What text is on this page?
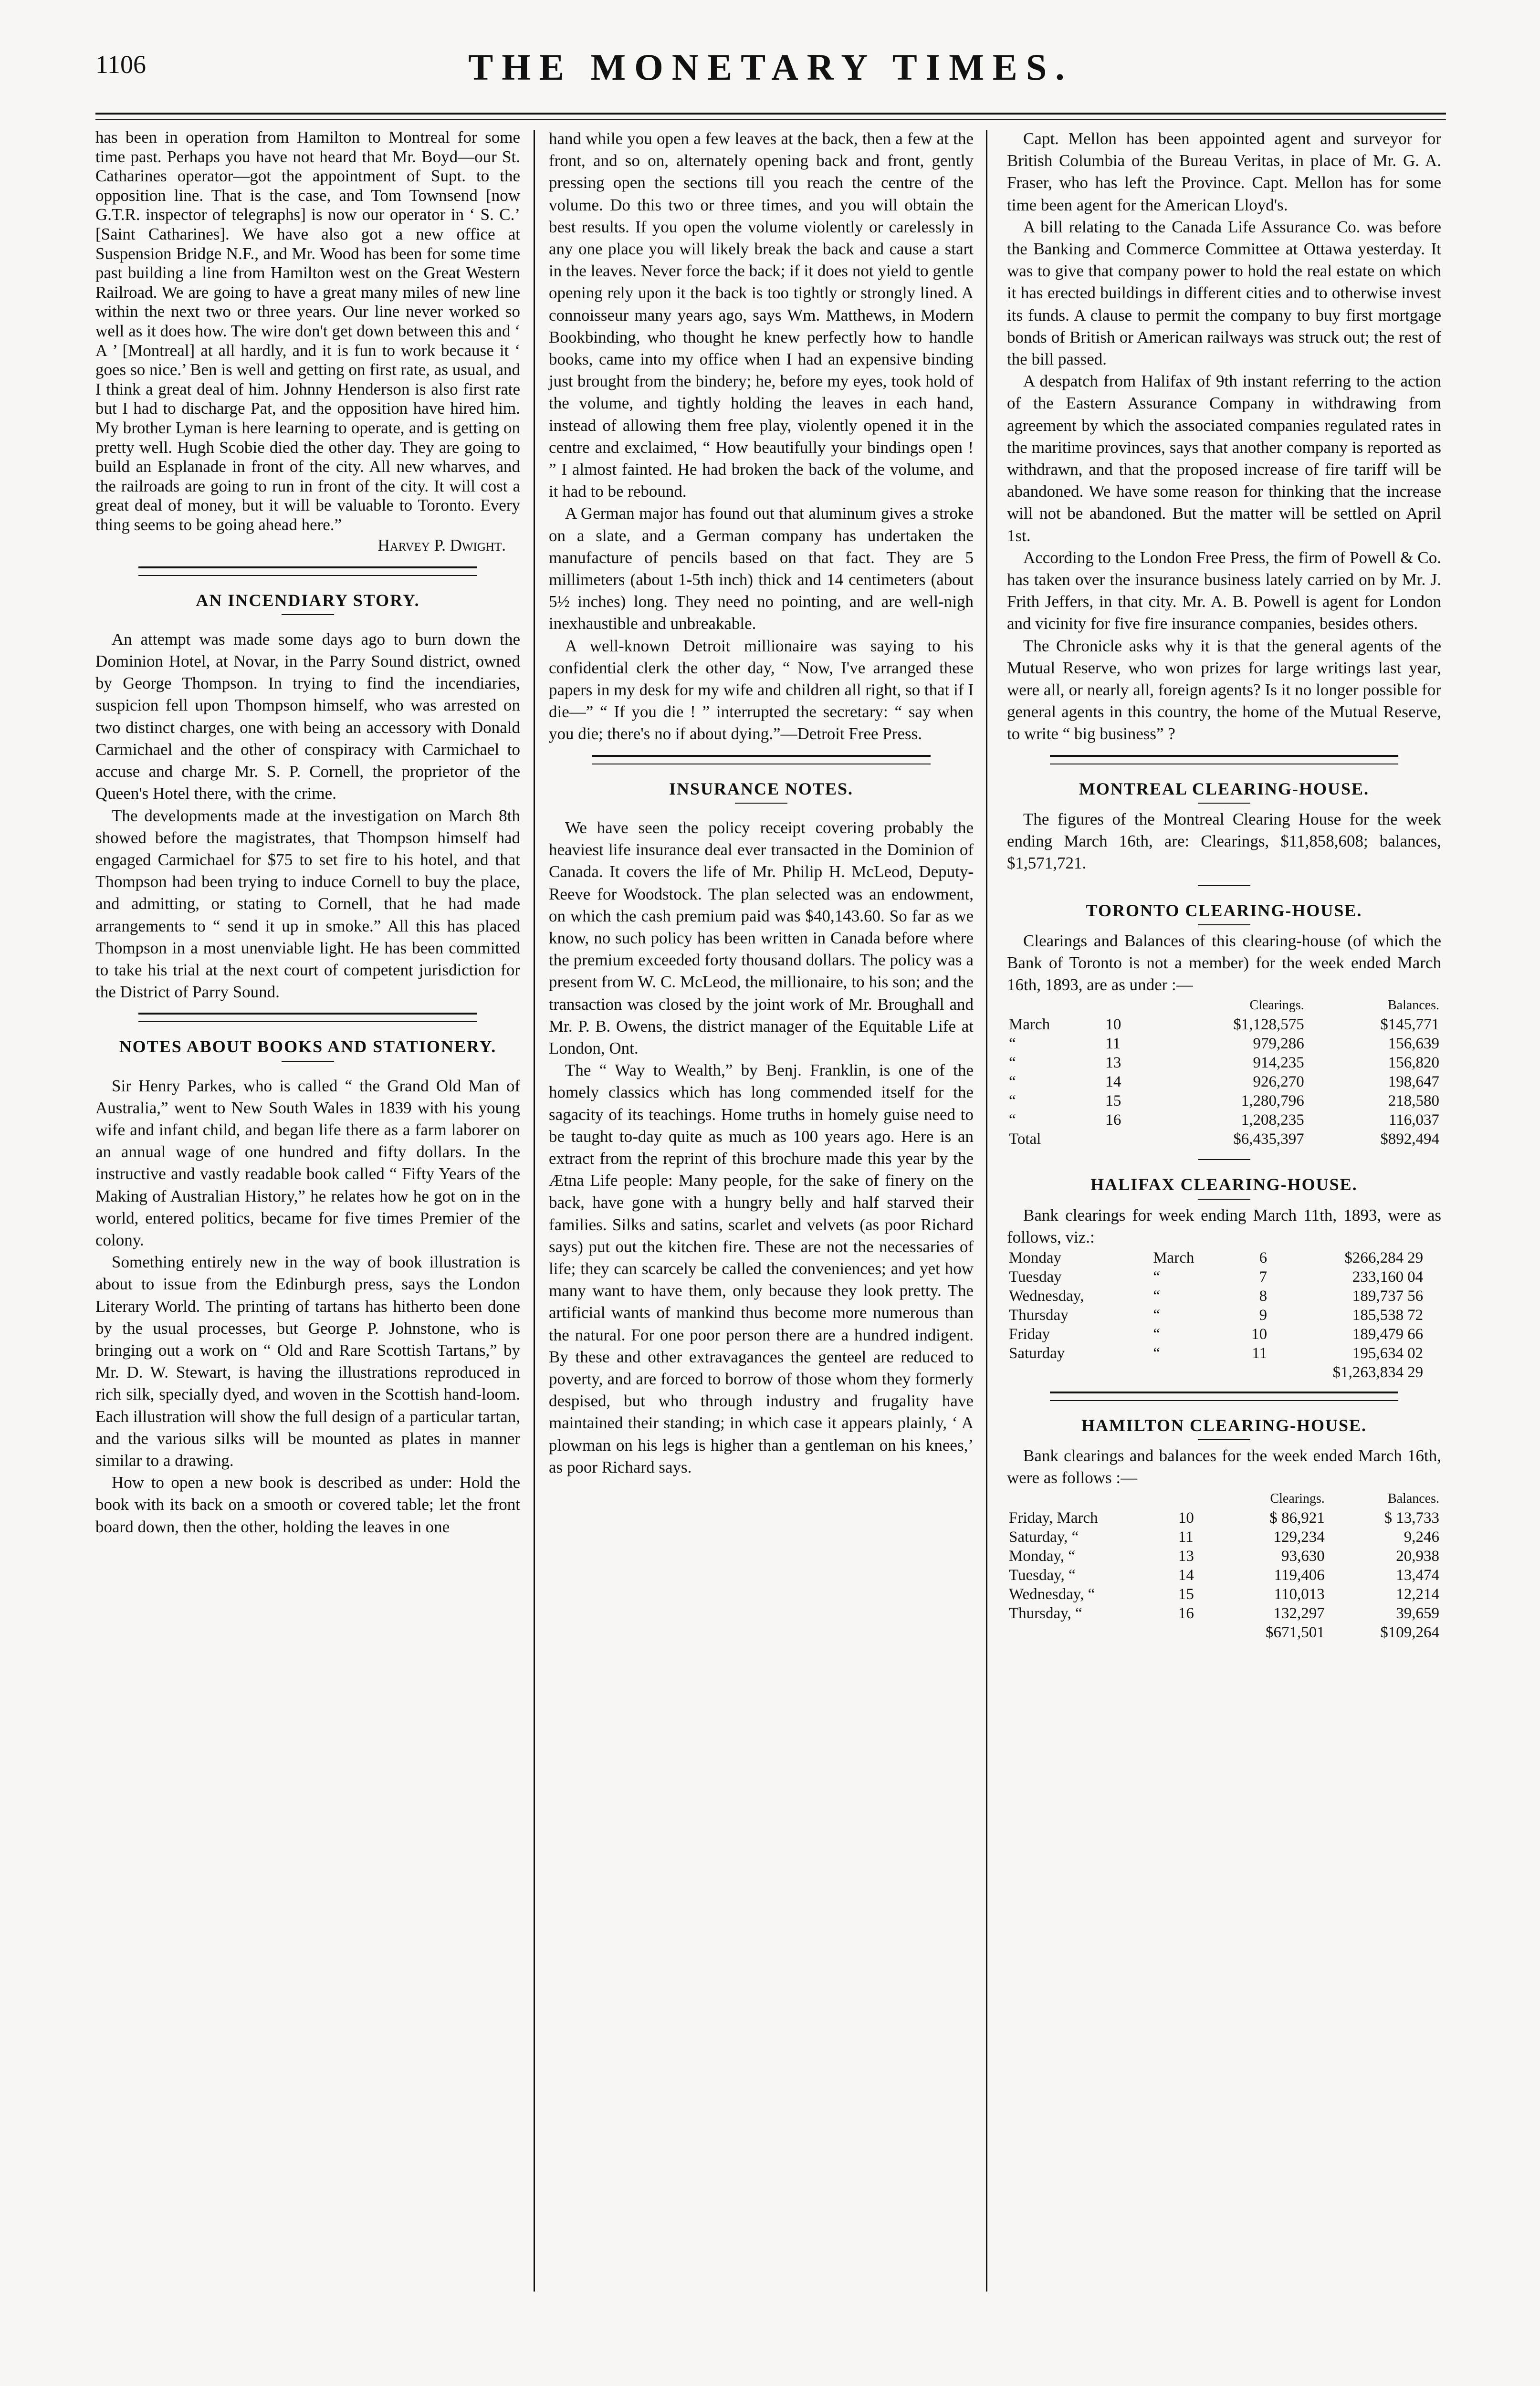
1106	THE MONETARY TIMES.

has been in operation from Hamilton to Montreal for some time past. Perhaps you have not heard that Mr. Boyd—our St. Catharines operator—got the appointment of Supt. to the opposition line. That is the case, and Tom Townsend [now G.T.R. inspector of telegraphs] is now our operator in ‘ S. C.’ [Saint Catharines]. We have also got a new office at Suspension Bridge N.F., and Mr. Wood has been for some time past building a line from Hamilton west on the Great Western Railroad. We are going to have a great many miles of new line within the next two or three years. Our line never worked so well as it does how. The wire don't get down between this and ‘ A ’ [Montreal] at all hardly, and it is fun to work because it ‘ goes so nice.’ Ben is well and getting on first rate, as usual, and I think a great deal of him. Johnny Henderson is also first rate but I had to discharge Pat, and the opposition have hired him. My brother Lyman is here learning to operate, and is getting on pretty well. Hugh Scobie died the other day. They are going to build an Esplanade in front of the city. All new wharves, and the railroads are going to run in front of the city. It will cost a great deal of money, but it will be valuable to Toronto. Every thing seems to be going ahead here.”

Harvey P. Dwight.
AN INCENDIARY STORY.

An attempt was made some days ago to burn down the Dominion Hotel, at Novar, in the Parry Sound district, owned by George Thompson. In trying to find the incendiaries, suspicion fell upon Thompson himself, who was arrested on two distinct charges, one with being an accessory with Donald Carmichael and the other of conspiracy with Carmichael to accuse and charge Mr. S. P. Cornell, the proprietor of the Queen's Hotel there, with the crime.

The developments made at the investigation on March 8th showed before the magistrates, that Thompson himself had engaged Carmichael for $75 to set fire to his hotel, and that Thompson had been trying to induce Cornell to buy the place, and admitting, or stating to Cornell, that he had made arrangements to “ send it up in smoke.” All this has placed Thompson in a most unenviable light. He has been committed to take his trial at the next court of competent jurisdiction for the District of Parry Sound.

NOTES ABOUT BOOKS AND STATIONERY.

Sir Henry Parkes, who is called “ the Grand Old Man of Australia,” went to New South Wales in 1839 with his young wife and infant child, and began life there as a farm laborer on an annual wage of one hundred and fifty dollars. In the instructive and vastly readable book called “ Fifty Years of the Making of Australian History,” he relates how he got on in the world, entered politics, became for five times Premier of the colony.

Something entirely new in the way of book illustration is about to issue from the Edinburgh press, says the London Literary World. The printing of tartans has hitherto been done by the usual processes, but George P. Johnstone, who is bringing out a work on “ Old and Rare Scottish Tartans,” by Mr. D. W. Stewart, is having the illustrations reproduced in rich silk, specially dyed, and woven in the Scottish hand-loom. Each illustration will show the full design of a particular tartan, and the various silks will be mounted as plates in manner similar to a drawing.

How to open a new book is described as under: Hold the book with its back on a smooth or covered table; let the front board down, then the other, holding the leaves in one

hand while you open a few leaves at the back, then a few at the front, and so on, alternately opening back and front, gently pressing open the sections till you reach the centre of the volume. Do this two or three times, and you will obtain the best results. If you open the volume violently or carelessly in any one place you will likely break the back and cause a start in the leaves. Never force the back; if it does not yield to gentle opening rely upon it the back is too tightly or strongly lined. A connoisseur many years ago, says Wm. Matthews, in Modern Bookbinding, who thought he knew perfectly how to handle books, came into my office when I had an expensive binding just brought from the bindery; he, before my eyes, took hold of the volume, and tightly holding the leaves in each hand, instead of allowing them free play, violently opened it in the centre and exclaimed, “ How beautifully your bindings open ! ” I almost fainted. He had broken the back of the volume, and it had to be rebound.

A German major has found out that aluminum gives a stroke on a slate, and a German company has undertaken the manufacture of pencils based on that fact. They are 5 millimeters (about 1-5th inch) thick and 14 centimeters (about 5½ inches) long. They need no pointing, and are well-nigh inexhaustible and unbreakable.

A well-known Detroit millionaire was saying to his confidential clerk the other day, “ Now, I've arranged these papers in my desk for my wife and children all right, so that if I die—” “ If you die ! ” interrupted the secretary: “ say when you die; there's no if about dying.”—Detroit Free Press.

INSURANCE NOTES.

We have seen the policy receipt covering probably the heaviest life insurance deal ever transacted in the Dominion of Canada. It covers the life of Mr. Philip H. McLeod, Deputy-Reeve for Woodstock. The plan selected was an endowment, on which the cash premium paid was $40,143.60. So far as we know, no such policy has been written in Canada before where the premium exceeded forty thousand dollars. The policy was a present from W. C. McLeod, the millionaire, to his son; and the transaction was closed by the joint work of Mr. Broughall and Mr. P. B. Owens, the district manager of the Equitable Life at London, Ont.

The “ Way to Wealth,” by Benj. Franklin, is one of the homely classics which has long commended itself for the sagacity of its teachings. Home truths in homely guise need to be taught to-day quite as much as 100 years ago. Here is an extract from the reprint of this brochure made this year by the Ætna Life people: Many people, for the sake of finery on the back, have gone with a hungry belly and half starved their families. Silks and satins, scarlet and velvets (as poor Richard says) put out the kitchen fire. These are not the necessaries of life; they can scarcely be called the conveniences; and yet how many want to have them, only because they look pretty. The artificial wants of mankind thus become more numerous than the natural. For one poor person there are a hundred indigent. By these and other extravagances the genteel are reduced to poverty, and are forced to borrow of those whom they formerly despised, but who through industry and frugality have maintained their standing; in which case it appears plainly, ‘ A plowman on his legs is higher than a gentleman on his knees,’ as poor Richard says.

Capt. Mellon has been appointed agent and surveyor for British Columbia of the Bureau Veritas, in place of Mr. G. A. Fraser, who has left the Province. Capt. Mellon has for some time been agent for the American Lloyd's.

A bill relating to the Canada Life Assurance Co. was before the Banking and Commerce Committee at Ottawa yesterday. It was to give that company power to hold the real estate on which it has erected buildings in different cities and to otherwise invest its funds. A clause to permit the company to buy first mortgage bonds of British or American railways was struck out; the rest of the bill passed.

A despatch from Halifax of 9th instant referring to the action of the Eastern Assurance Company in withdrawing from agreement by which the associated companies regulated rates in the maritime provinces, says that another company is reported as withdrawn, and that the proposed increase of fire tariff will be abandoned. We have some reason for thinking that the increase will not be abandoned. But the matter will be settled on April 1st.

According to the London Free Press, the firm of Powell & Co. has taken over the insurance business lately carried on by Mr. J. Frith Jeffers, in that city. Mr. A. B. Powell is agent for London and vicinity for five fire insurance companies, besides others.

The Chronicle asks why it is that the general agents of the Mutual Reserve, who won prizes for large writings last year, were all, or nearly all, foreign agents? Is it no longer possible for general agents in this country, the home of the Mutual Reserve, to write “ big business” ?

MONTREAL CLEARING-HOUSE.

The figures of the Montreal Clearing House for the week ending March 16th, are: Clearings, $11,858,608; balances, $1,571,721.

TORONTO CLEARING-HOUSE.

Clearings and Balances of this clearing-house (of which the Bank of Toronto is not a member) for the week ended March 16th, 1893, are as under :—

		Clearings.	Balances.
March	10	$1,128,575	$145,771
“	11	979,286	156,639
“	13	914,235	156,820
“	14	926,270	198,647
“	15	1,280,796	218,580
“	16	1,208,235	116,037
Total		$6,435,397	$892,494
HALIFAX CLEARING-HOUSE.

Bank clearings for week ending March 11th, 1893, were as follows, viz.:

Monday	March	6	$266,284	29
Tuesday	“	7	233,160	04
Wednesday,	“	8	189,737	56
Thursday	“	9	185,538	72
Friday	“	10	189,479	66
Saturday	“	11	195,634	02
			$1,263,834	29
HAMILTON CLEARING-HOUSE.

Bank clearings and balances for the week ended March 16th, were as follows :—

		Clearings.	Balances.
Friday, March	10	$ 86,921	$ 13,733
Saturday, “	11	129,234	9,246
Monday, “	13	93,630	20,938
Tuesday, “	14	119,406	13,474
Wednesday, “	15	110,013	12,214
Thursday, “	16	132,297	39,659
		$671,501	$109,264
